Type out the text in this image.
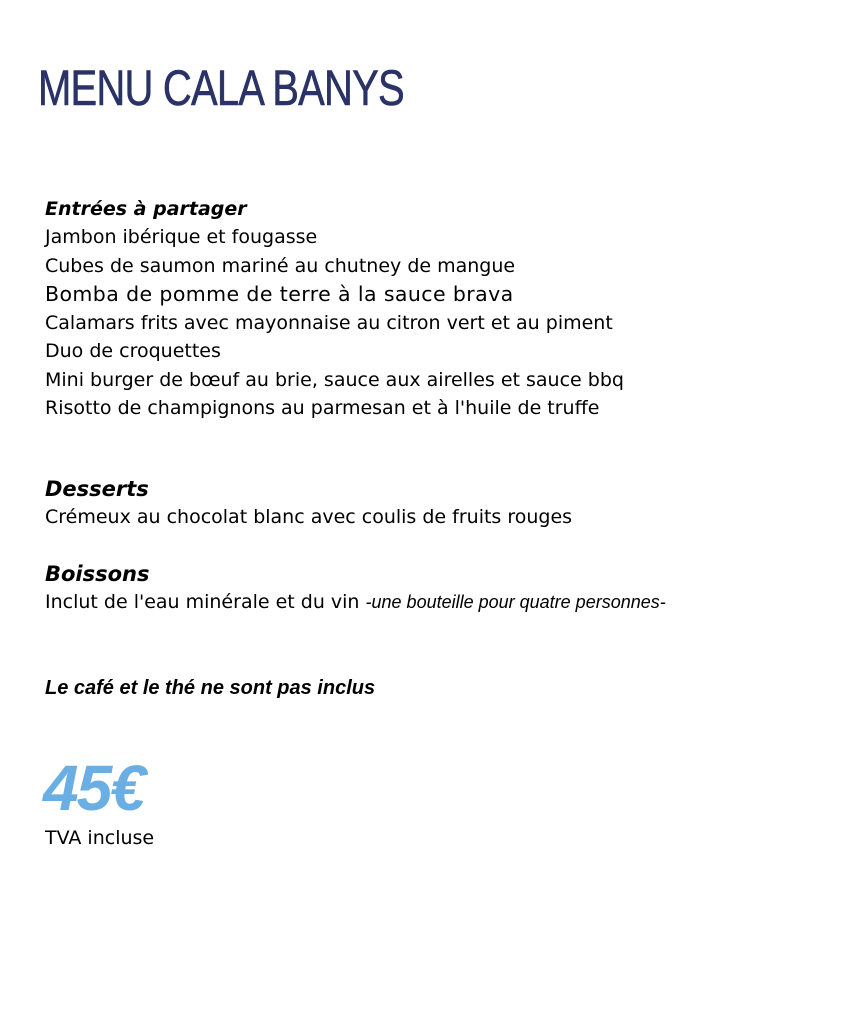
MENU CALA BANYS

Entrées à partager

Jambon ibérique et fougasse

Cubes de saumon mariné au chutney de mangue

Bomba de pomme de terre à la sauce brava

Calamars frits avec mayonnaise au citron vert et au piment

Duo de croquettes

Mini burger de bœuf au brie, sauce aux airelles et sauce bbq

Risotto de champignons au parmesan et à l'huile de truffe

Desserts

Crémeux au chocolat blanc avec coulis de fruits rouges

Boissons

Inclut de l'eau minérale et du vin -une bouteille pour quatre personnes-

Le café et le thé ne sont pas inclus

45€

TVA incluse
